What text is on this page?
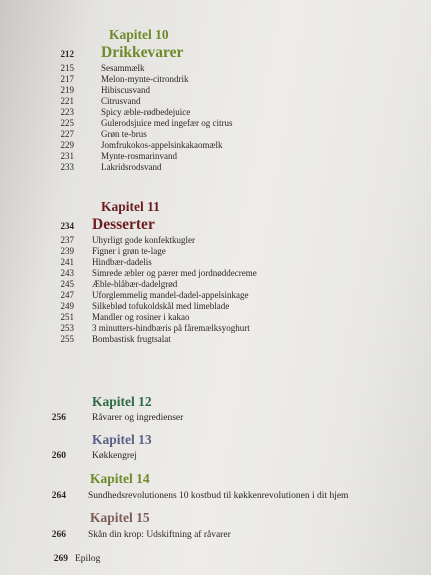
Kapitel 10
212 Drikkevarer
215	Sesammælk
217	Melon-mynte-citrondrik
219	Hibiscusvand
221	Citrusvand
223	Spicy æble-rødbedejuice
225	Gulerodsjuice med ingefær og citrus
227	Grøn te-brus
229	Jomfrukokos-appelsinkakaomælk
231	Mynte-rosmarinvand
233	Lakridsrodsvand
Kapitel 11
234 Desserter
237 Uhyrligt gode konfektkugler
239 Figner i grøn te-lage
241 Hindbær-dadelis
243 Simrede æbler og pærer med jordnøddecreme
245 Æble-blåbær-dadelgrød
247 Uforglemmelig mandel-dadel-appelsinkage
249 Silkeblød tofukoldskål med limeblade
251 Mandler og rosiner i kakao
253 3 minutters-hindbæris på fåremælksyoghurt
255 Bombastisk frugtsalat
Kapitel 12
256	Råvarer og ingredienser
Kapitel 13
260	Køkkengrej
Kapitel 14
264 Sundhedsrevolutionens 10 kostbud til køkkenrevolutionen i dit hjem
Kapitel 15
266 Skån din krop: Udskiftning af råvarer
269 Epilog
